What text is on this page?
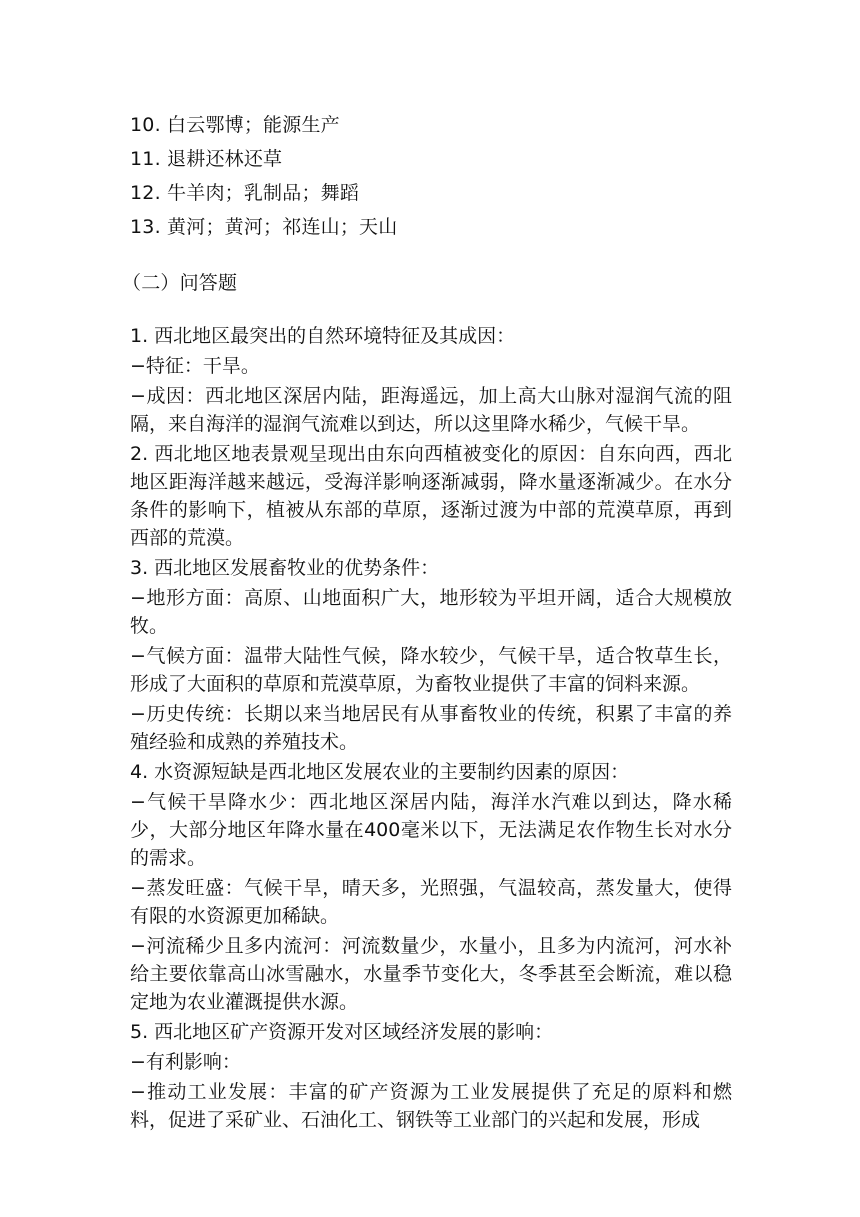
10. 白云鄂博；能源生产
11. 退耕还林还草
12. 牛羊肉；乳制品；舞蹈
13. 黄河；黄河；祁连山；天山
（二）问答题

1. 西北地区最突出的自然环境特征及其成因：

−特征：干旱。

−成因：西北地区深居内陆，距海遥远，加上高大山脉对湿润气流的阻隔，来自海洋的湿润气流难以到达，所以这里降水稀少，气候干旱。

2. 西北地区地表景观呈现出由东向西植被变化的原因：自东向西，西北地区距海洋越来越远，受海洋影响逐渐减弱，降水量逐渐减少。在水分条件的影响下，植被从东部的草原，逐渐过渡为中部的荒漠草原，再到西部的荒漠。

3. 西北地区发展畜牧业的优势条件：

−地形方面：高原、山地面积广大，地形较为平坦开阔，适合大规模放牧。

−气候方面：温带大陆性气候，降水较少，气候干旱，适合牧草生长，形成了大面积的草原和荒漠草原，为畜牧业提供了丰富的饲料来源。

−历史传统：长期以来当地居民有从事畜牧业的传统，积累了丰富的养殖经验和成熟的养殖技术。

4. 水资源短缺是西北地区发展农业的主要制约因素的原因：

−气候干旱降水少：西北地区深居内陆，海洋水汽难以到达，降水稀少，大部分地区年降水量在400毫米以下，无法满足农作物生长对水分的需求。

−蒸发旺盛：气候干旱，晴天多，光照强，气温较高，蒸发量大，使得有限的水资源更加稀缺。

−河流稀少且多内流河：河流数量少，水量小，且多为内流河，河水补给主要依靠高山冰雪融水，水量季节变化大，冬季甚至会断流，难以稳定地为农业灌溉提供水源。

5. 西北地区矿产资源开发对区域经济发展的影响：

−有利影响：

−推动工业发展：丰富的矿产资源为工业发展提供了充足的原料和燃料，促进了采矿业、石油化工、钢铁等工业部门的兴起和发展，形成
